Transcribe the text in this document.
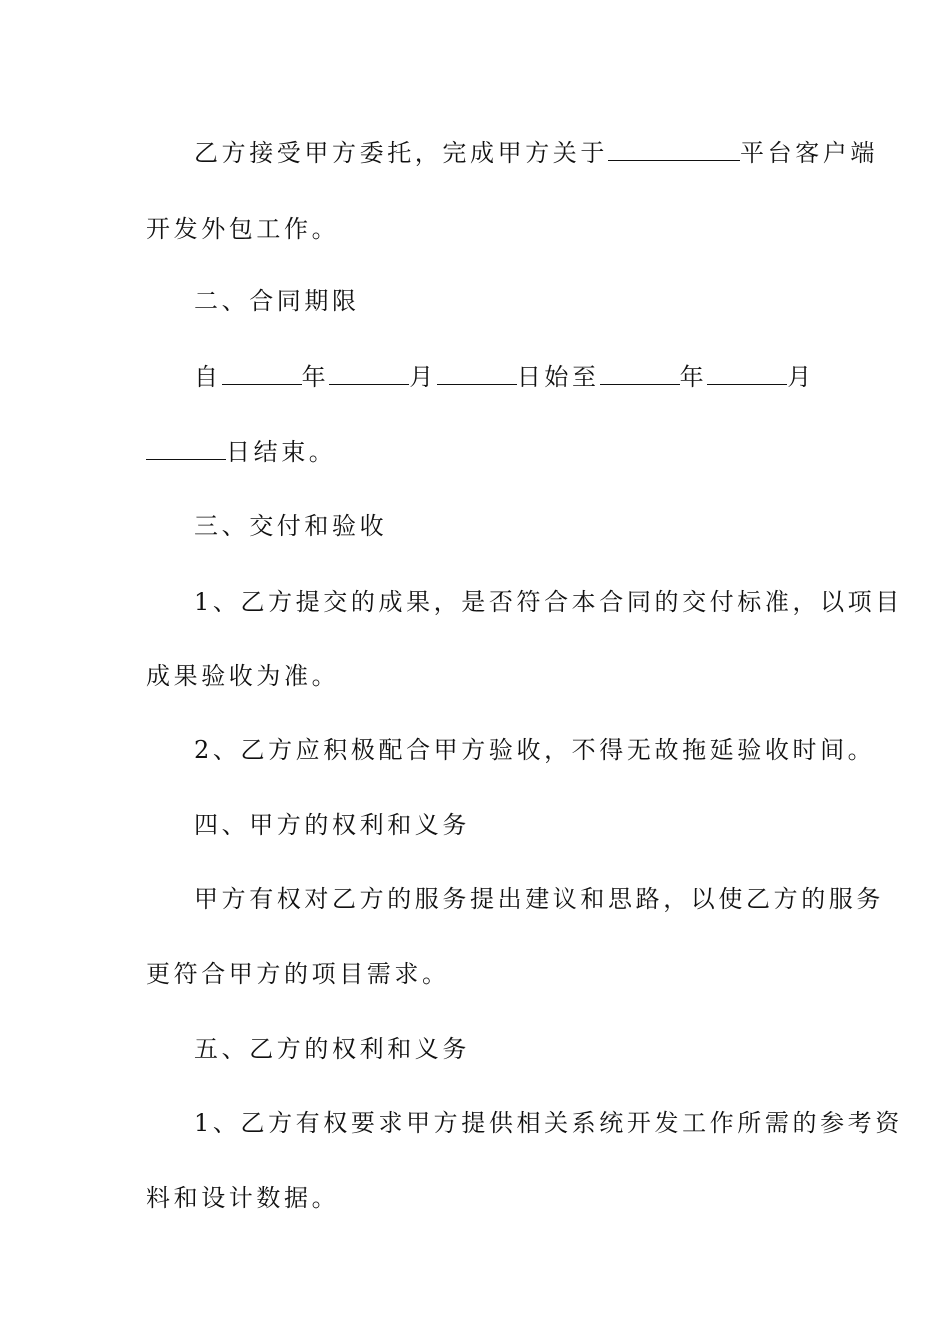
乙方接受甲方委托，完成甲方关于	平台客户端
开发外包工作。
二、合同期限
自	年	月	日始至	年	月
日结束。
三、交付和验收
1、乙方提交的成果，是否符合本合同的交付标准，以项目
成果验收为准。
2、乙方应积极配合甲方验收，不得无故拖延验收时间。
四、甲方的权利和义务
甲方有权对乙方的服务提出建议和思路，以使乙方的服务
更符合甲方的项目需求。
五、乙方的权利和义务
1、乙方有权要求甲方提供相关系统开发工作所需的参考资
料和设计数据。
